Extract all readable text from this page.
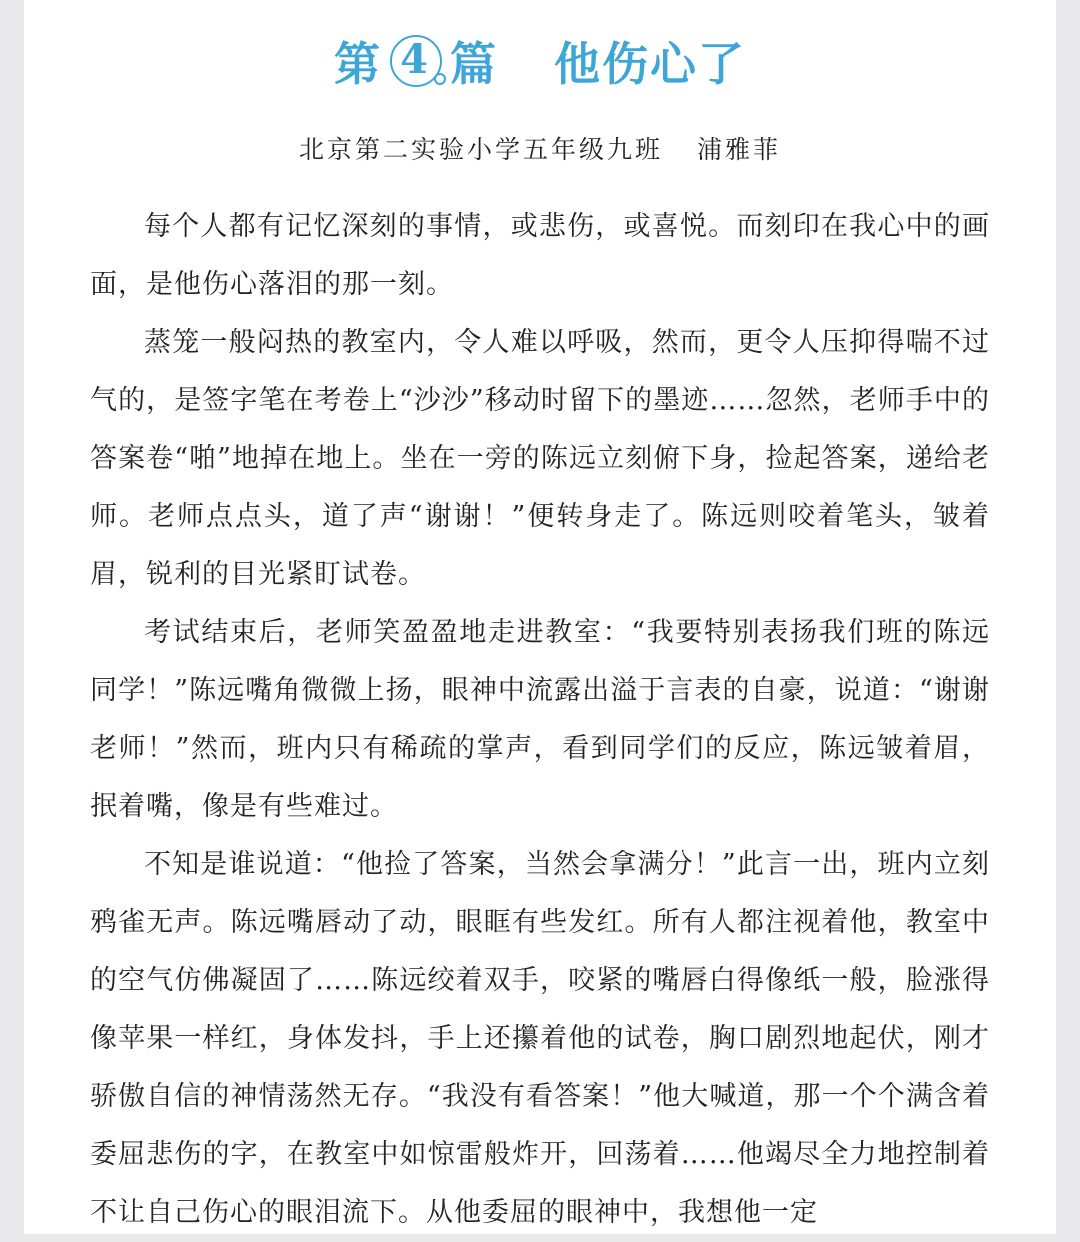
第 4 篇 他伤心了
北京第二实验小学五年级九班 浦雅菲

每个人都有记忆深刻的事情，或悲伤，或喜悦。而刻印在我心中的画面，是他伤心落泪的那一刻。

蒸笼一般闷热的教室内，令人难以呼吸，然而，更令人压抑得喘不过气的，是签字笔在考卷上“沙沙”移动时留下的墨迹……忽然，老师手中的答案卷“啪”地掉在地上。坐在一旁的陈远立刻俯下身，捡起答案，递给老师。老师点点头，道了声“谢谢！”便转身走了。陈远则咬着笔头，皱着眉，锐利的目光紧盯试卷。

考试结束后，老师笑盈盈地走进教室：“我要特别表扬我们班的陈远同学！”陈远嘴角微微上扬，眼神中流露出溢于言表的自豪，说道：“谢谢老师！”然而，班内只有稀疏的掌声，看到同学们的反应，陈远皱着眉，抿着嘴，像是有些难过。

不知是谁说道：“他捡了答案，当然会拿满分！”此言一出，班内立刻鸦雀无声。陈远嘴唇动了动，眼眶有些发红。所有人都注视着他，教室中的空气仿佛凝固了……陈远绞着双手，咬紧的嘴唇白得像纸一般，脸涨得像苹果一样红，身体发抖，手上还攥着他的试卷，胸口剧烈地起伏，刚才骄傲自信的神情荡然无存。“我没有看答案！”他大喊道，那一个个满含着委屈悲伤的字，在教室中如惊雷般炸开，回荡着……他竭尽全力地控制着不让自己伤心的眼泪流下。从他委屈的眼神中，我想他一定
